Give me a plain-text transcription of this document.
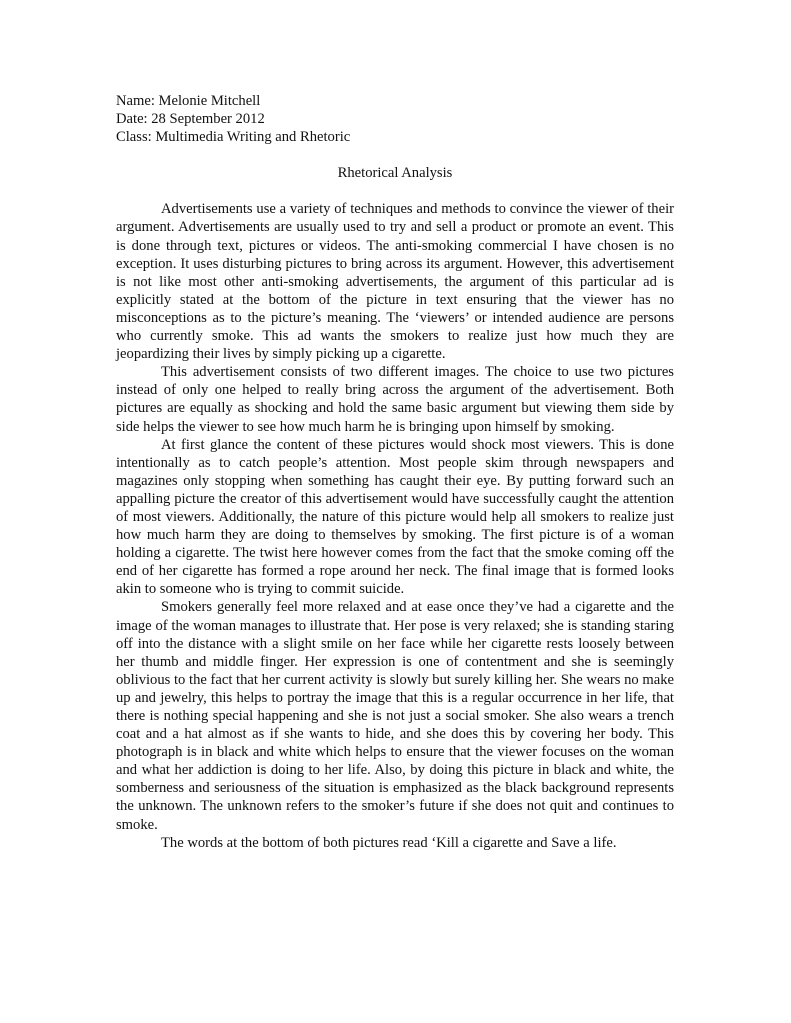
Name: Melonie Mitchell

Date: 28 September 2012

Class: Multimedia Writing and Rhetoric

Rhetorical Analysis

Advertisements use a variety of techniques and methods to convince the viewer of their argument. Advertisements are usually used to try and sell a product or promote an event. This is done through text, pictures or videos. The anti-smoking commercial I have chosen is no exception. It uses disturbing pictures to bring across its argument. However, this advertisement is not like most other anti-smoking advertisements, the argument of this particular ad is explicitly stated at the bottom of the picture in text ensuring that the viewer has no misconceptions as to the picture’s meaning. The ‘viewers’ or intended audience are persons who currently smoke. This ad wants the smokers to realize just how much they are jeopardizing their lives by simply picking up a cigarette.

This advertisement consists of two different images. The choice to use two pictures instead of only one helped to really bring across the argument of the advertisement. Both pictures are equally as shocking and hold the same basic argument but viewing them side by side helps the viewer to see how much harm he is bringing upon himself by smoking.

At first glance the content of these pictures would shock most viewers. This is done intentionally as to catch people’s attention. Most people skim through newspapers and magazines only stopping when something has caught their eye. By putting forward such an appalling picture the creator of this advertisement would have successfully caught the attention of most viewers. Additionally, the nature of this picture would help all smokers to realize just how much harm they are doing to themselves by smoking. The first picture is of a woman holding a cigarette. The twist here however comes from the fact that the smoke coming off the end of her cigarette has formed a rope around her neck. The final image that is formed looks akin to someone who is trying to commit suicide.

Smokers generally feel more relaxed and at ease once they’ve had a cigarette and the image of the woman manages to illustrate that. Her pose is very relaxed; she is standing staring off into the distance with a slight smile on her face while her cigarette rests loosely between her thumb and middle finger. Her expression is one of contentment and she is seemingly oblivious to the fact that her current activity is slowly but surely killing her. She wears no make up and jewelry, this helps to portray the image that this is a regular occurrence in her life, that there is nothing special happening and she is not just a social smoker. She also wears a trench coat and a hat almost as if she wants to hide, and she does this by covering her body. This photograph is in black and white which helps to ensure that the viewer focuses on the woman and what her addiction is doing to her life. Also, by doing this picture in black and white, the somberness and seriousness of the situation is emphasized as the black background represents the unknown. The unknown refers to the smoker’s future if she does not quit and continues to smoke.

The words at the bottom of both pictures read ‘Kill a cigarette and Save a life.
